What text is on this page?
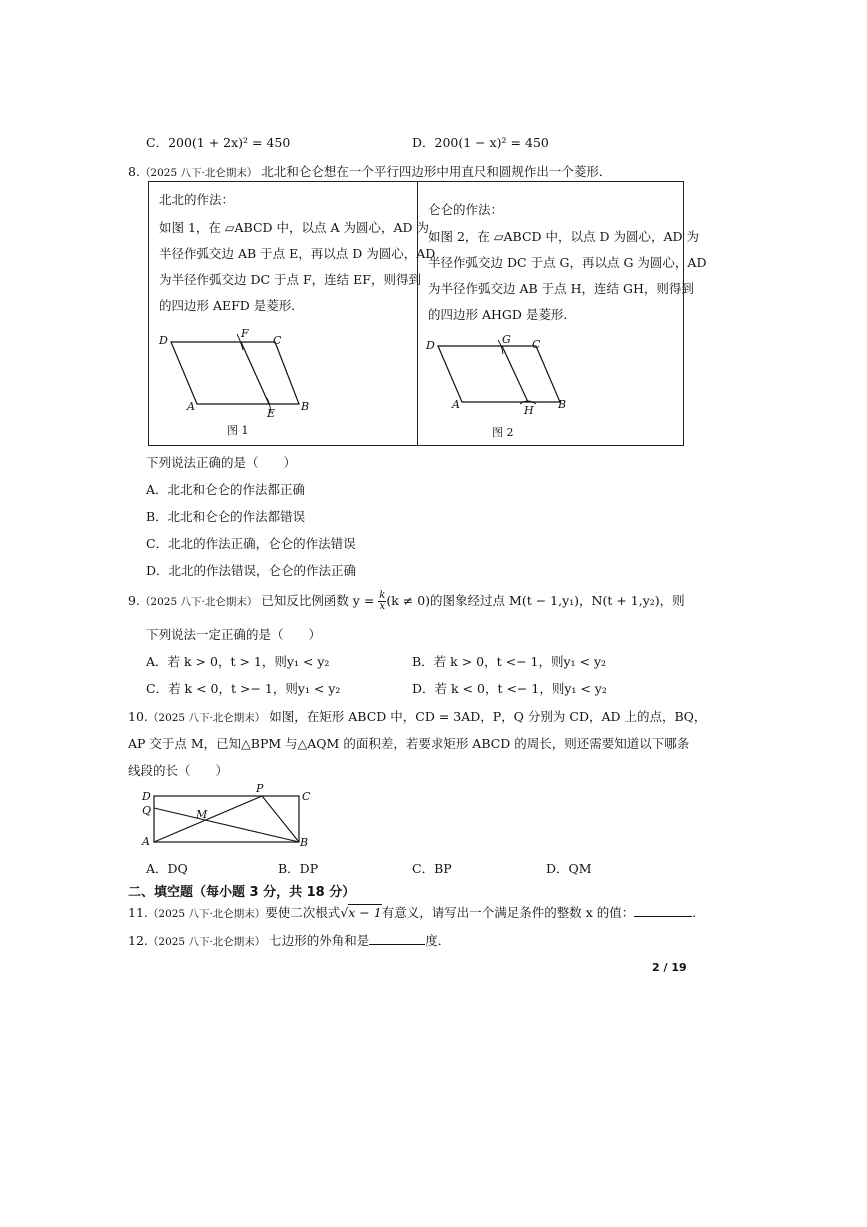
C．200(1 + 2x)² = 450	D．200(1 − x)² = 450
8.（2025 八下·北仑期末） 北北和仑仑想在一个平行四边形中用直尺和圆规作出一个菱形．
北北的作法：
如图 1，在 ▱ABCD 中，以点 A 为圆心，AD 为
半径作弧交边 AB 于点 E，再以点 D 为圆心，AD
为半径作弧交边 DC 于点 F，连结 EF，则得到
的四边形 AEFD 是菱形．
D
F
C
A
E
B
图 1

仑仑的作法：
如图 2，在 ▱ABCD 中，以点 D 为圆心，AD 为
半径作弧交边 DC 于点 G，再以点 G 为圆心，AD
为半径作弧交边 AB 于点 H，连结 GH，则得到
的四边形 AHGD 是菱形．
D	G C
A	H B
图 2
下列说法正确的是（　　）
A．北北和仑仑的作法都正确
B．北北和仑仑的作法都错误
C．北北的作法正确，仑仑的作法错误
D．北北的作法错误，仑仑的作法正确
9.（2025 八下·北仑期末） 已知反比例函数 $y = \frac{k}{x} (k \ne 0)$的图象经过点 M(t − 1,y₁)，N(t + 1,y₂)，则
下列说法一定正确的是（　　）
A．若 k > 0，t > 1，则y₁ < y₂	B．若 k > 0，t <− 1，则y₁ < y₂
C．若 k < 0，t >− 1，则y₁ < y₂	D．若 k < 0，t <− 1，则y₁ < y₂
10.（2025 八下·北仑期末） 如图，在矩形 ABCD 中，CD = 3AD，P，Q 分别为 CD，AD 上的点，BQ，
AP 交于点 M，已知△BPM 与△AQM 的面积差，若要求矩形 ABCD 的周长，则还需要知道以下哪条
线段的长（　　）
D
P
C
Q	M
A	B
A．DQ	B．DP	C．BP	D．QM
二、填空题（每小题 3 分，共 18 分）
11.（2025 八下·北仑期末）要使二次根式√x − 1有意义，请写出一个满足条件的整数 x 的值：	．
12.（2025 八下·北仑期末） 七边形的外角和是	度．
2 / 19
